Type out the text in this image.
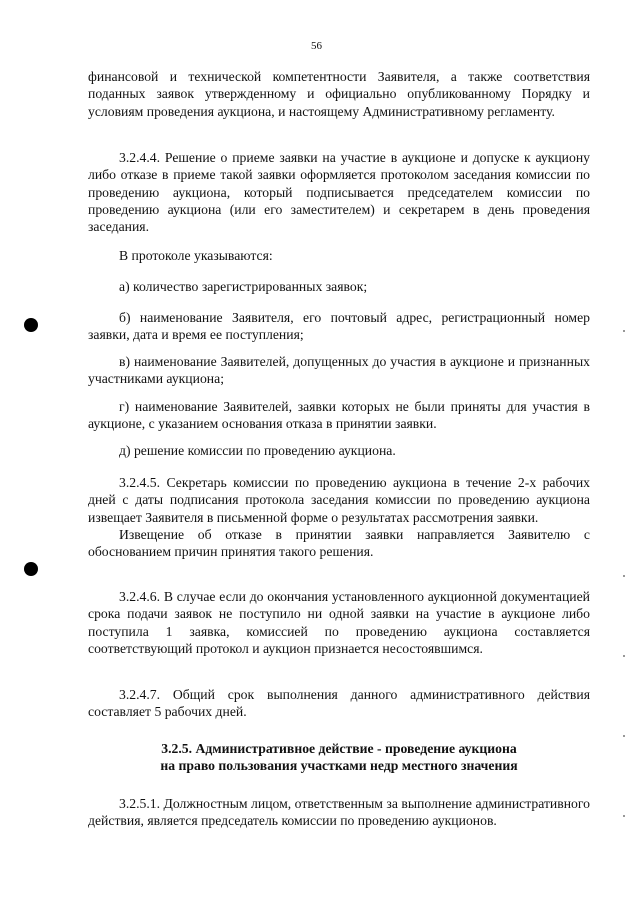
56

финансовой и технической компетентности Заявителя, а также соответствия поданных заявок утвержденному и официально опубликованному Порядку и условиям проведения аукциона, и настоящему Административному регламенту.

3.2.4.4. Решение о приеме заявки на участие в аукционе и допуске к аукциону либо отказе в приеме такой заявки оформляется протоколом заседания комиссии по проведению аукциона, который подписывается председателем комиссии по проведению аукциона (или его заместителем) и секретарем в день проведения заседания.

В протоколе указываются:

а) количество зарегистрированных заявок;

б) наименование Заявителя, его почтовый адрес, регистрационный номер заявки, дата и время ее поступления;

в) наименование Заявителей, допущенных до участия в аукционе и признанных участниками аукциона;

г) наименование Заявителей, заявки которых не были приняты для участия в аукционе, с указанием основания отказа в принятии заявки.

д) решение комиссии по проведению аукциона.

3.2.4.5. Секретарь комиссии по проведению аукциона в течение 2-х рабочих дней с даты подписания протокола заседания комиссии по проведению аукциона извещает Заявителя в письменной форме о результатах рассмотрения заявки.

Извещение об отказе в принятии заявки направляется Заявителю с обоснованием причин принятия такого решения.

3.2.4.6. В случае если до окончания установленного аукционной документацией срока подачи заявок не поступило ни одной заявки на участие в аукционе либо поступила 1 заявка, комиссией по проведению аукциона составляется соответствующий протокол и аукцион признается несостоявшимся.

3.2.4.7. Общий срок выполнения данного административного действия составляет 5 рабочих дней.

3.2.5. Административное действие - проведение аукциона

на право пользования участками недр местного значения

3.2.5.1. Должностным лицом, ответственным за выполнение административного действия, является председатель комиссии по проведению аукционов.
